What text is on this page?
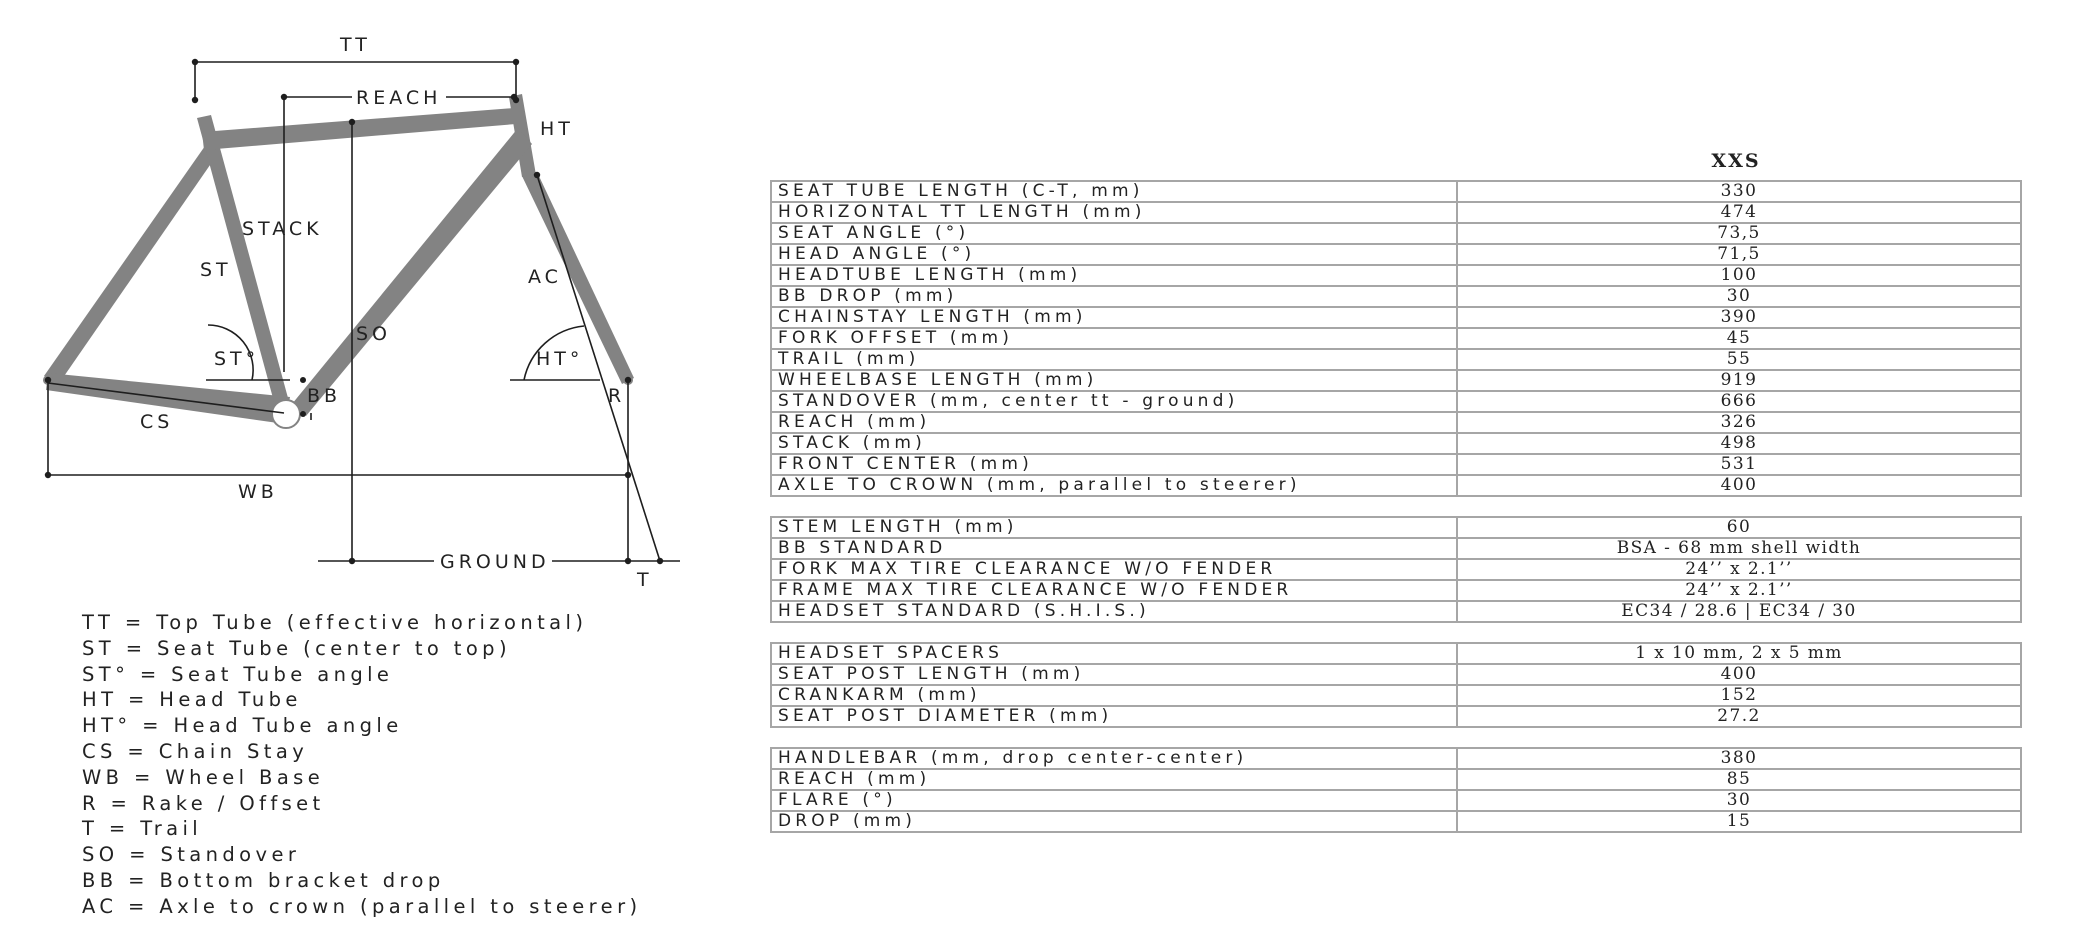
TT
REACH
HT
STACK
ST	AC
SO
ST°	HT°
BB	R
CS
WB
GROUND
T
TT = Top Tube (effective horizontal)
ST = Seat Tube (center to top)
ST° = Seat Tube angle
HT = Head Tube
HT° = Head Tube angle
CS = Chain Stay
WB = Wheel Base
R = Rake / Offset
T = Trail
SO = Standover
BB = Bottom bracket drop
AC = Axle to crown (parallel to steerer)
XXS
SEAT TUBE LENGTH (C-T, mm)	330
HORIZONTAL TT LENGTH (mm)	474
SEAT ANGLE (°)	73,5
HEAD ANGLE (°)	71,5
HEADTUBE LENGTH (mm)	100
BB DROP (mm)	30
CHAINSTAY LENGTH (mm)	390
FORK OFFSET (mm)	45
TRAIL (mm)	55
WHEELBASE LENGTH (mm)	919
STANDOVER (mm, center tt - ground)	666
REACH (mm)	326
STACK (mm)	498
FRONT CENTER (mm)	531
AXLE TO CROWN (mm, parallel to steerer)	400
STEM LENGTH (mm)	60
BB STANDARD	BSA - 68 mm shell width
FORK MAX TIRE CLEARANCE W/O FENDER	24’’ x 2.1’’
FRAME MAX TIRE CLEARANCE W/O FENDER	24’’ x 2.1’’
HEADSET STANDARD (S.H.I.S.)	EC34 / 28.6 | EC34 / 30
HEADSET SPACERS	1 x 10 mm, 2 x 5 mm
SEAT POST LENGTH (mm)	400
CRANKARM (mm)	152
SEAT POST DIAMETER (mm)	27.2
HANDLEBAR (mm, drop center-center)	380
REACH (mm)	85
FLARE (°)	30
DROP (mm)	15
